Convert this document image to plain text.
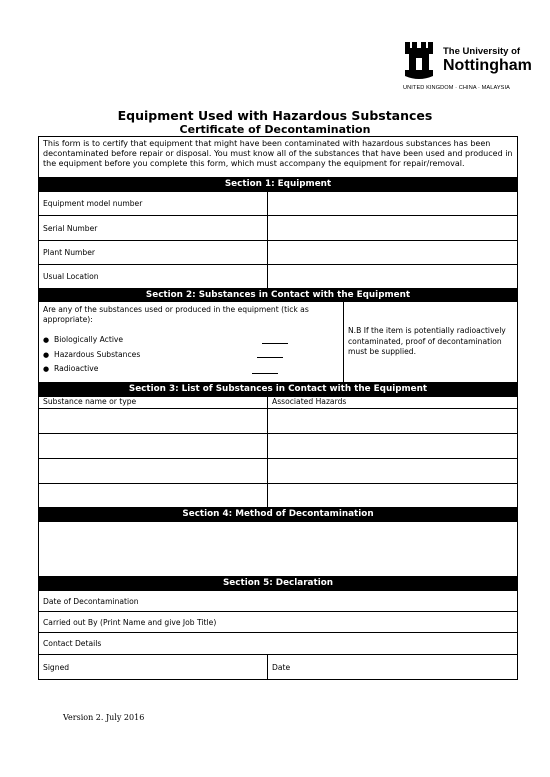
The University of
Nottingham
UNITED KINGDOM · CHINA · MALAYSIA
Equipment Used with Hazardous Substances
Certificate of Decontamination
This form is to certify that equipment that might have been contaminated with hazardous substances has been decontaminated before repair or disposal. You must know all of the substances that have been used and produced in the equipment before you complete this form, which must accompany the equipment for repair/removal.
Section 1: Equipment
Equipment model number
Serial Number
Plant Number
Usual Location
Section 2: Substances in Contact with the Equipment
Are any of the substances used or produced in the equipment (tick as appropriate):
● Biologically Active
● Hazardous Substances
● Radioactive
N.B If the item is potentially radioactively contaminated, proof of decontamination must be supplied.
Section 3: List of Substances in Contact with the Equipment
Substance name or type	Associated Hazards
Section 4: Method of Decontamination
Section 5: Declaration
Date of Decontamination
Carried out By (Print Name and give Job Title)
Contact Details
Signed	Date
Version 2. July 2016
